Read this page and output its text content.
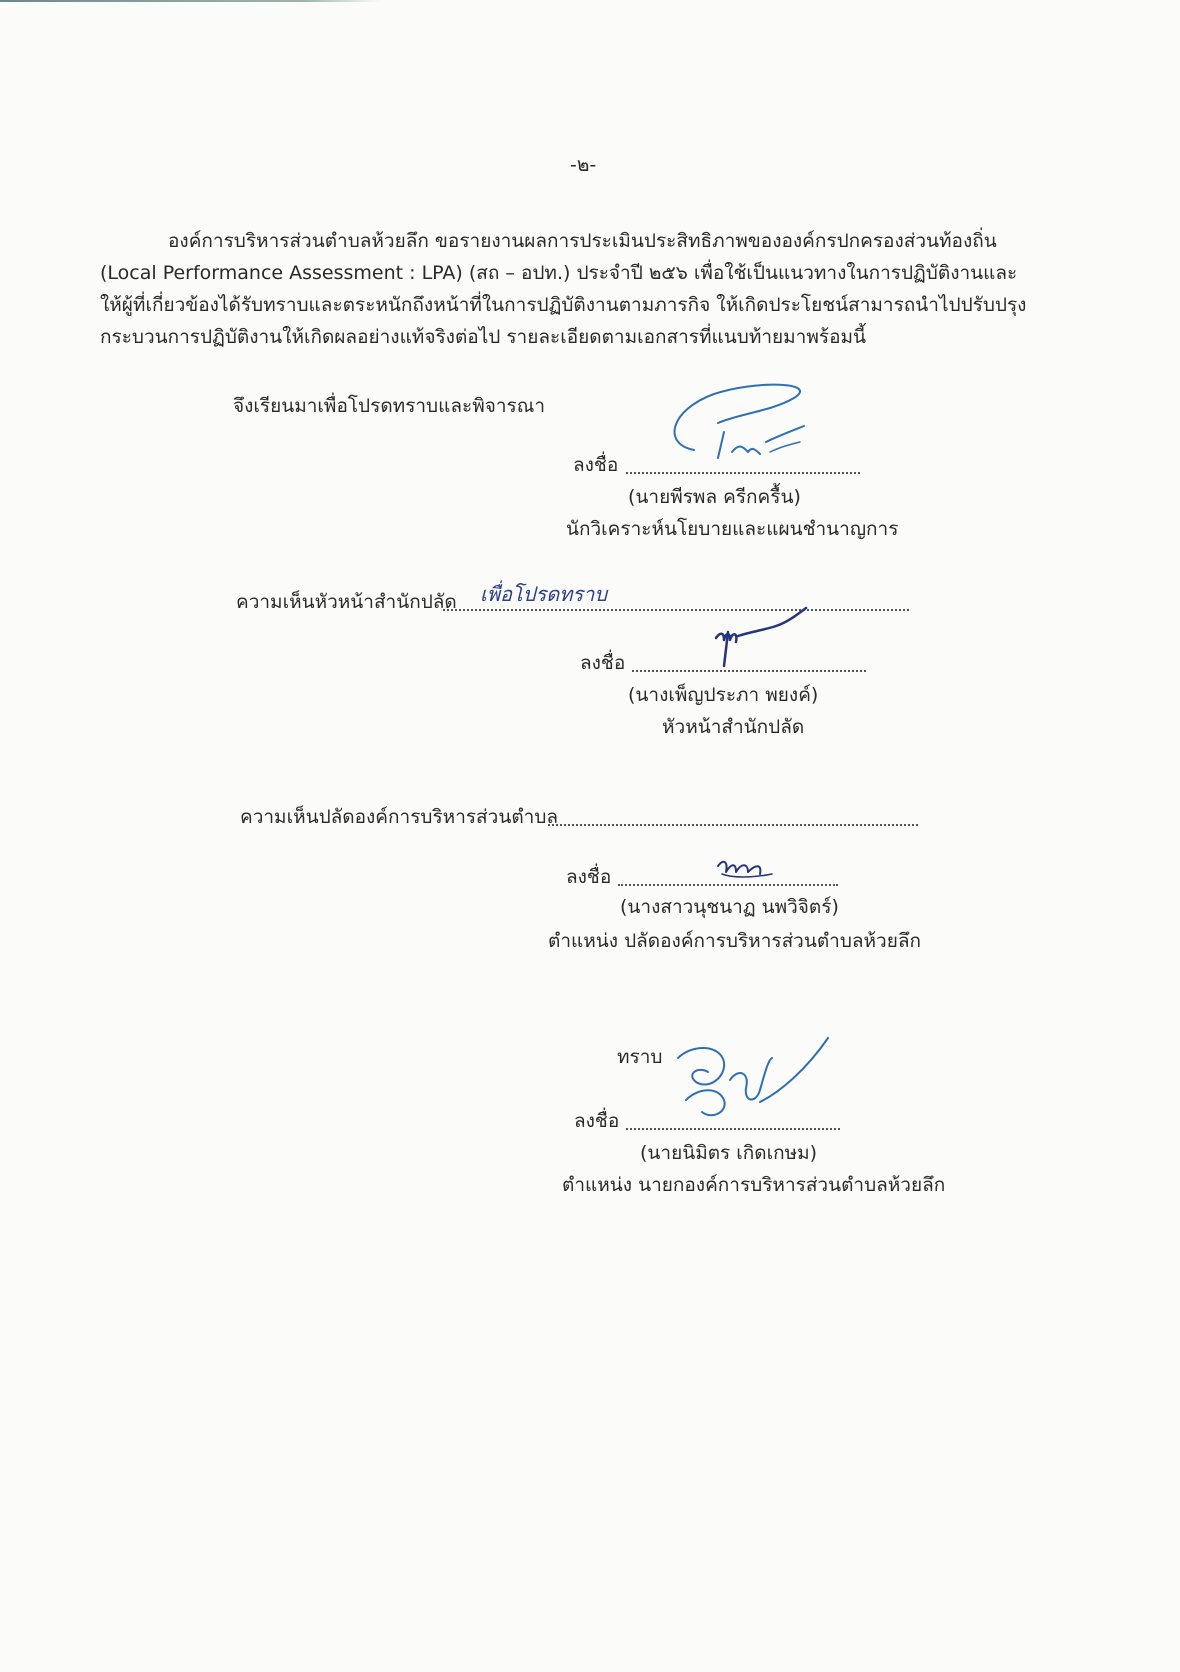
-๒-
องค์การบริหารส่วนตำบลห้วยลึก ขอรายงานผลการประเมินประสิทธิภาพขององค์กรปกครองส่วนท้องถิ่น
(Local Performance Assessment : LPA) (สถ – อปท.) ประจำปี ๒๕๖ เพื่อใช้เป็นแนวทางในการปฏิบัติงานและ
ให้ผู้ที่เกี่ยวข้องได้รับทราบและตระหนักถึงหน้าที่ในการปฏิบัติงานตามภารกิจ ให้เกิดประโยชน์สามารถนำไปปรับปรุง
กระบวนการปฏิบัติงานให้เกิดผลอย่างแท้จริงต่อไป รายละเอียดตามเอกสารที่แนบท้ายมาพร้อมนี้
จึงเรียนมาเพื่อโปรดทราบและพิจารณา
ลงชื่อ
(นายพีรพล ครีกครื้น)
นักวิเคราะห์นโยบายและแผนชำนาญการ
ความเห็นหัวหน้าสำนักปลัด เพื่อโปรดทราบ
ลงชื่อ
(นางเพ็ญประภา พยงค์)
หัวหน้าสำนักปลัด
ความเห็นปลัดองค์การบริหารส่วนตำบล
ลงชื่อ
(นางสาวนุชนาฏ นพวิจิตร์)
ตำแหน่ง ปลัดองค์การบริหารส่วนตำบลห้วยลึก
ทราบ
ลงชื่อ
(นายนิมิตร เกิดเกษม)
ตำแหน่ง นายกองค์การบริหารส่วนตำบลห้วยลึก
